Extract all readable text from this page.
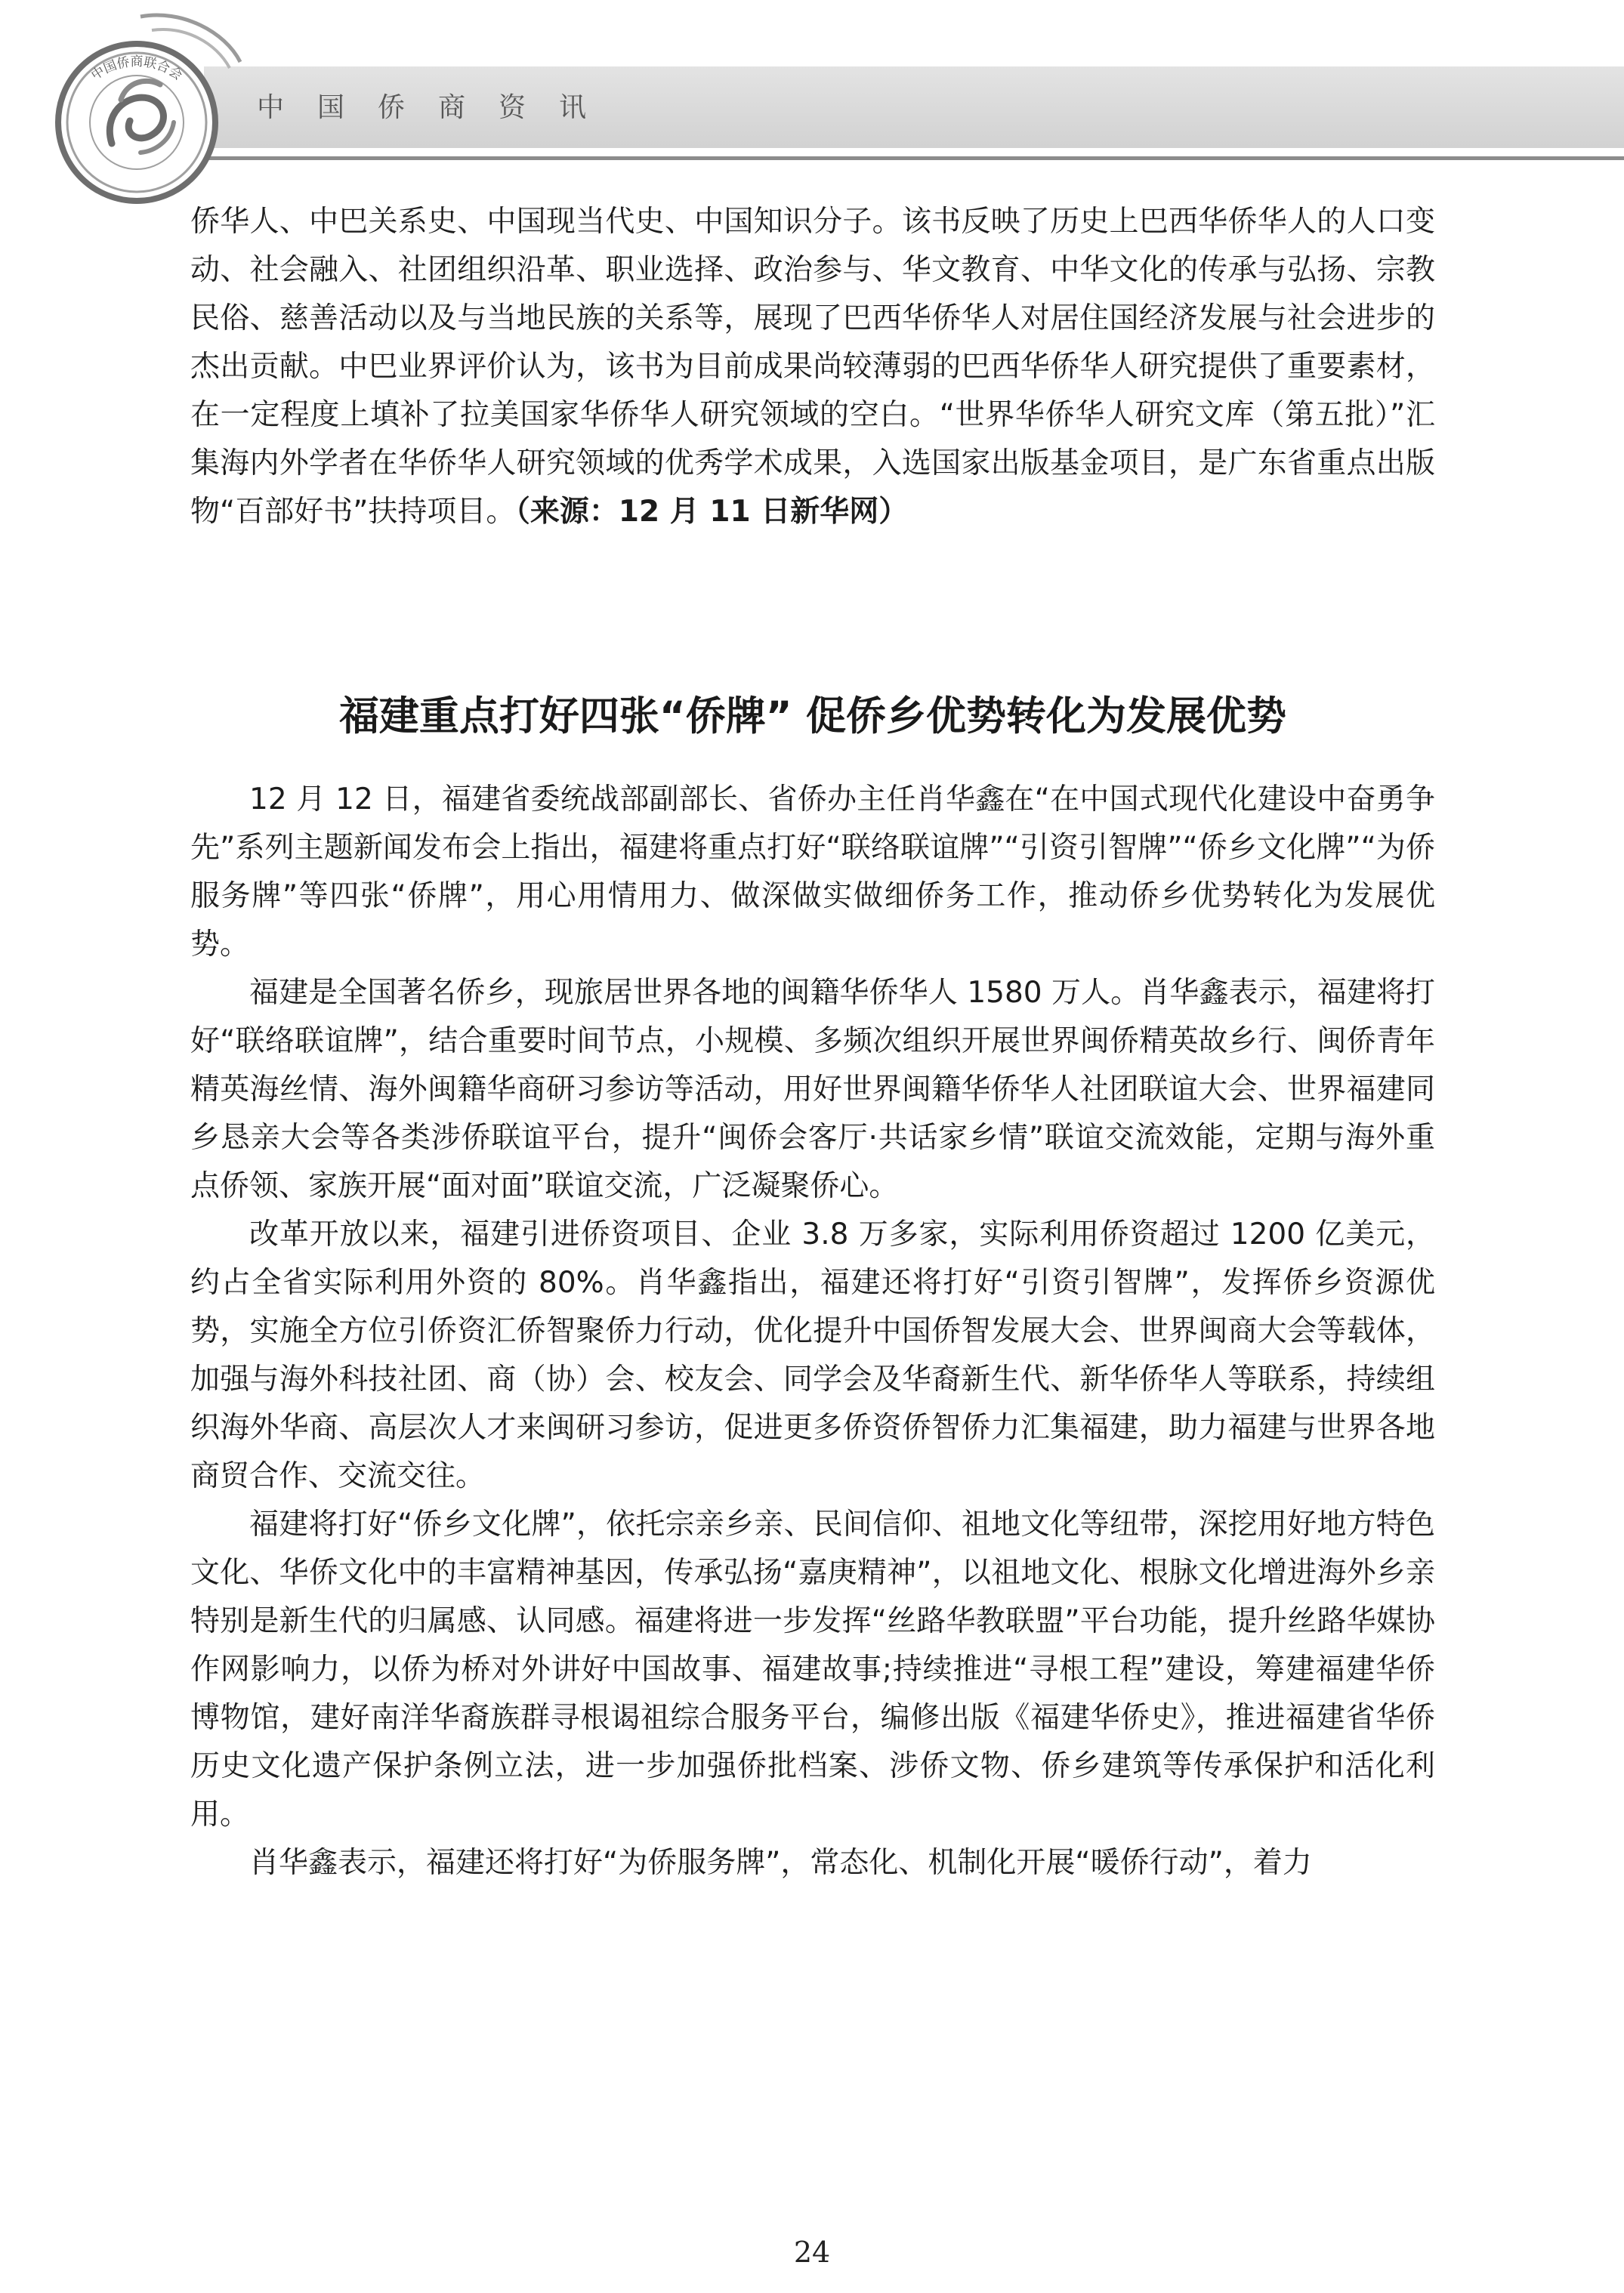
中国侨商联合会
中国侨商资讯

侨华人、中巴关系史、中国现当代史、中国知识分子。该书反映了历史上巴西华侨华人的人口变动、社会融入、社团组织沿革、职业选择、政治参与、华文教育、中华文化的传承与弘扬、宗教民俗、慈善活动以及与当地民族的关系等，展现了巴西华侨华人对居住国经济发展与社会进步的杰出贡献。中巴业界评价认为，该书为目前成果尚较薄弱的巴西华侨华人研究提供了重要素材，在一定程度上填补了拉美国家华侨华人研究领域的空白。“世界华侨华人研究文库（第五批）”汇集海内外学者在华侨华人研究领域的优秀学术成果，入选国家出版基金项目，是广东省重点出版物“百部好书”扶持项目。（来源：12 月 11 日新华网）

福建重点打好四张“侨牌” 促侨乡优势转化为发展优势

12 月 12 日，福建省委统战部副部长、省侨办主任肖华鑫在“在中国式现代化建设中奋勇争先”系列主题新闻发布会上指出，福建将重点打好“联络联谊牌”“引资引智牌”“侨乡文化牌”“为侨服务牌”等四张“侨牌”，用心用情用力、做深做实做细侨务工作，推动侨乡优势转化为发展优势。

福建是全国著名侨乡，现旅居世界各地的闽籍华侨华人 1580 万人。肖华鑫表示，福建将打好“联络联谊牌”，结合重要时间节点，小规模、多频次组织开展世界闽侨精英故乡行、闽侨青年精英海丝情、海外闽籍华商研习参访等活动，用好世界闽籍华侨华人社团联谊大会、世界福建同乡恳亲大会等各类涉侨联谊平台，提升“闽侨会客厅·共话家乡情”联谊交流效能，定期与海外重点侨领、家族开展“面对面”联谊交流，广泛凝聚侨心。

改革开放以来，福建引进侨资项目、企业 3.8 万多家，实际利用侨资超过 1200 亿美元，约占全省实际利用外资的 80%。肖华鑫指出，福建还将打好“引资引智牌”，发挥侨乡资源优势，实施全方位引侨资汇侨智聚侨力行动，优化提升中国侨智发展大会、世界闽商大会等载体，加强与海外科技社团、商（协）会、校友会、同学会及华裔新生代、新华侨华人等联系，持续组织海外华商、高层次人才来闽研习参访，促进更多侨资侨智侨力汇集福建，助力福建与世界各地商贸合作、交流交往。

福建将打好“侨乡文化牌”，依托宗亲乡亲、民间信仰、祖地文化等纽带，深挖用好地方特色文化、华侨文化中的丰富精神基因，传承弘扬“嘉庚精神”，以祖地文化、根脉文化增进海外乡亲特别是新生代的归属感、认同感。福建将进一步发挥“丝路华教联盟”平台功能，提升丝路华媒协作网影响力，以侨为桥对外讲好中国故事、福建故事;持续推进“寻根工程”建设，筹建福建华侨博物馆，建好南洋华裔族群寻根谒祖综合服务平台，编修出版《福建华侨史》，推进福建省华侨历史文化遗产保护条例立法，进一步加强侨批档案、涉侨文物、侨乡建筑等传承保护和活化利用。

肖华鑫表示，福建还将打好“为侨服务牌”，常态化、机制化开展“暖侨行动”，着力

24
